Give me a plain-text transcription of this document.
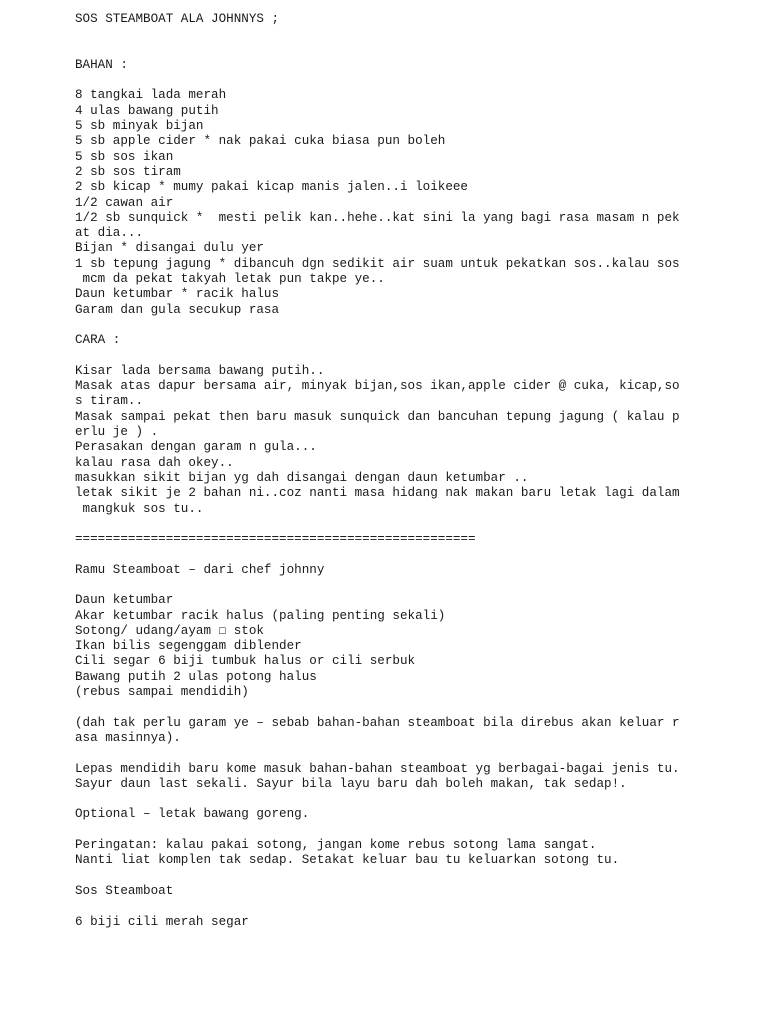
SOS STEAMBOAT ALA JOHNNYS ;
BAHAN :
8 tangkai lada merah
4 ulas bawang putih
5 sb minyak bijan
5 sb apple cider * nak pakai cuka biasa pun boleh
5 sb sos ikan
2 sb sos tiram
2 sb kicap * mumy pakai kicap manis jalen..i loikeee
1/2 cawan air
1/2 sb sunquick *  mesti pelik kan..hehe..kat sini la yang bagi rasa masam n pek
at dia...
Bijan * disangai dulu yer
1 sb tepung jagung * dibancuh dgn sedikit air suam untuk pekatkan sos..kalau sos
mcm da pekat takyah letak pun takpe ye..
Daun ketumbar * racik halus
Garam dan gula secukup rasa
CARA :
Kisar lada bersama bawang putih..
Masak atas dapur bersama air, minyak bijan,sos ikan,apple cider @ cuka, kicap,so
s tiram..
Masak sampai pekat then baru masuk sunquick dan bancuhan tepung jagung ( kalau p
erlu je ) .
Perasakan dengan garam n gula...
kalau rasa dah okey..
masukkan sikit bijan yg dah disangai dengan daun ketumbar ..
letak sikit je 2 bahan ni..coz nanti masa hidang nak makan baru letak lagi dalam
mangkuk sos tu..
=====================================================
Ramu Steamboat – dari chef johnny
Daun ketumbar
Akar ketumbar racik halus (paling penting sekali)
Sotong/ udang/ayam ☐ stok
Ikan bilis segenggam diblender
Cili segar 6 biji tumbuk halus or cili serbuk
Bawang putih 2 ulas potong halus
(rebus sampai mendidih)
(dah tak perlu garam ye – sebab bahan-bahan steamboat bila direbus akan keluar r
asa masinnya).
Lepas mendidih baru kome masuk bahan-bahan steamboat yg berbagai-bagai jenis tu.
Sayur daun last sekali. Sayur bila layu baru dah boleh makan, tak sedap!.
Optional – letak bawang goreng.
Peringatan: kalau pakai sotong, jangan kome rebus sotong lama sangat.
Nanti liat komplen tak sedap. Setakat keluar bau tu keluarkan sotong tu.
Sos Steamboat
6 biji cili merah segar
